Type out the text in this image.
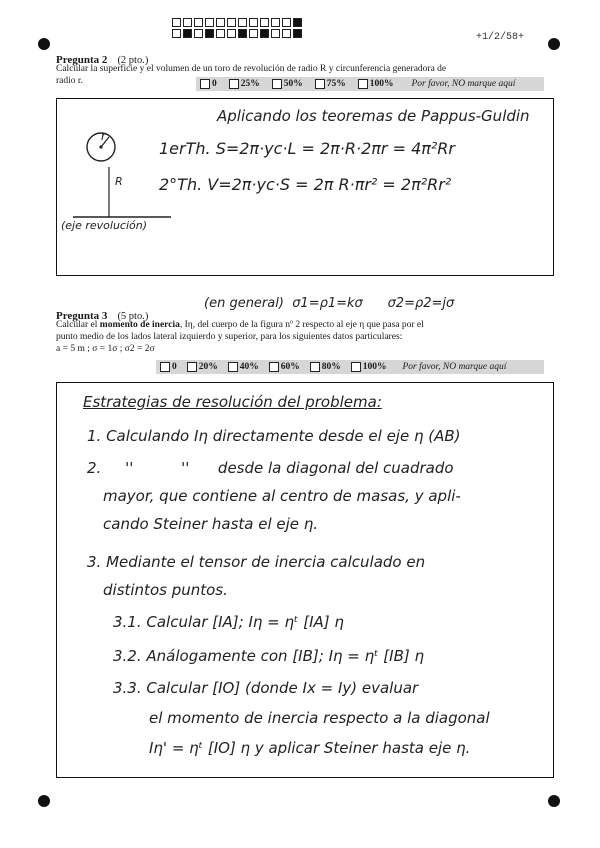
+1/2/58+
Pregunta 2 (2 pto.)
Calcular la superficie y el volumen de un toro de revolución de radio R y circunferencia generadora de
radio r.	0	25%	50%	75%	100% Por favor, NO marque aquí
Aplicando los teoremas de Pappus-Guldin
r
R
(eje revolución)
1erTh. S=2π·yc·L = 2π·R·2πr = 4π²Rr
2°Th. V=2π·yc·S = 2π R·πr² = 2π²Rr²
(en general)  σ1=ρ1=kσ      σ2=ρ2=jσ
Pregunta 3 (5 pto.)
Calcular el momento de inercia, Iη, del cuerpo de la figura nº 2 respecto al eje η que pasa por el
punto medio de los lados lateral izquierdo y superior, para los siguientes datos particulares:
a = 5 m ; σ = 1σ ; σ2 = 2σ
0 20% 40% 60% 80% 100% Por favor, NO marque aquí
Estrategias de resolución del problema:
1. Calculando Iη directamente desde el eje η (AB)
2.     ''          ''      desde la diagonal del cuadrado
mayor, que contiene al centro de masas, y apli-
cando Steiner hasta el eje η.
3. Mediante el tensor de inercia calculado en
distintos puntos.
3.1. Calcular [IA]; Iη = ηᵗ [IA] η
3.2. Análogamente con [IB]; Iη = ηᵗ [IB] η
3.3. Calcular [IO] (donde Ix = Iy) evaluar
el momento de inercia respecto a la diagonal
Iη' = ηᵗ [IO] η y aplicar Steiner hasta eje η.
